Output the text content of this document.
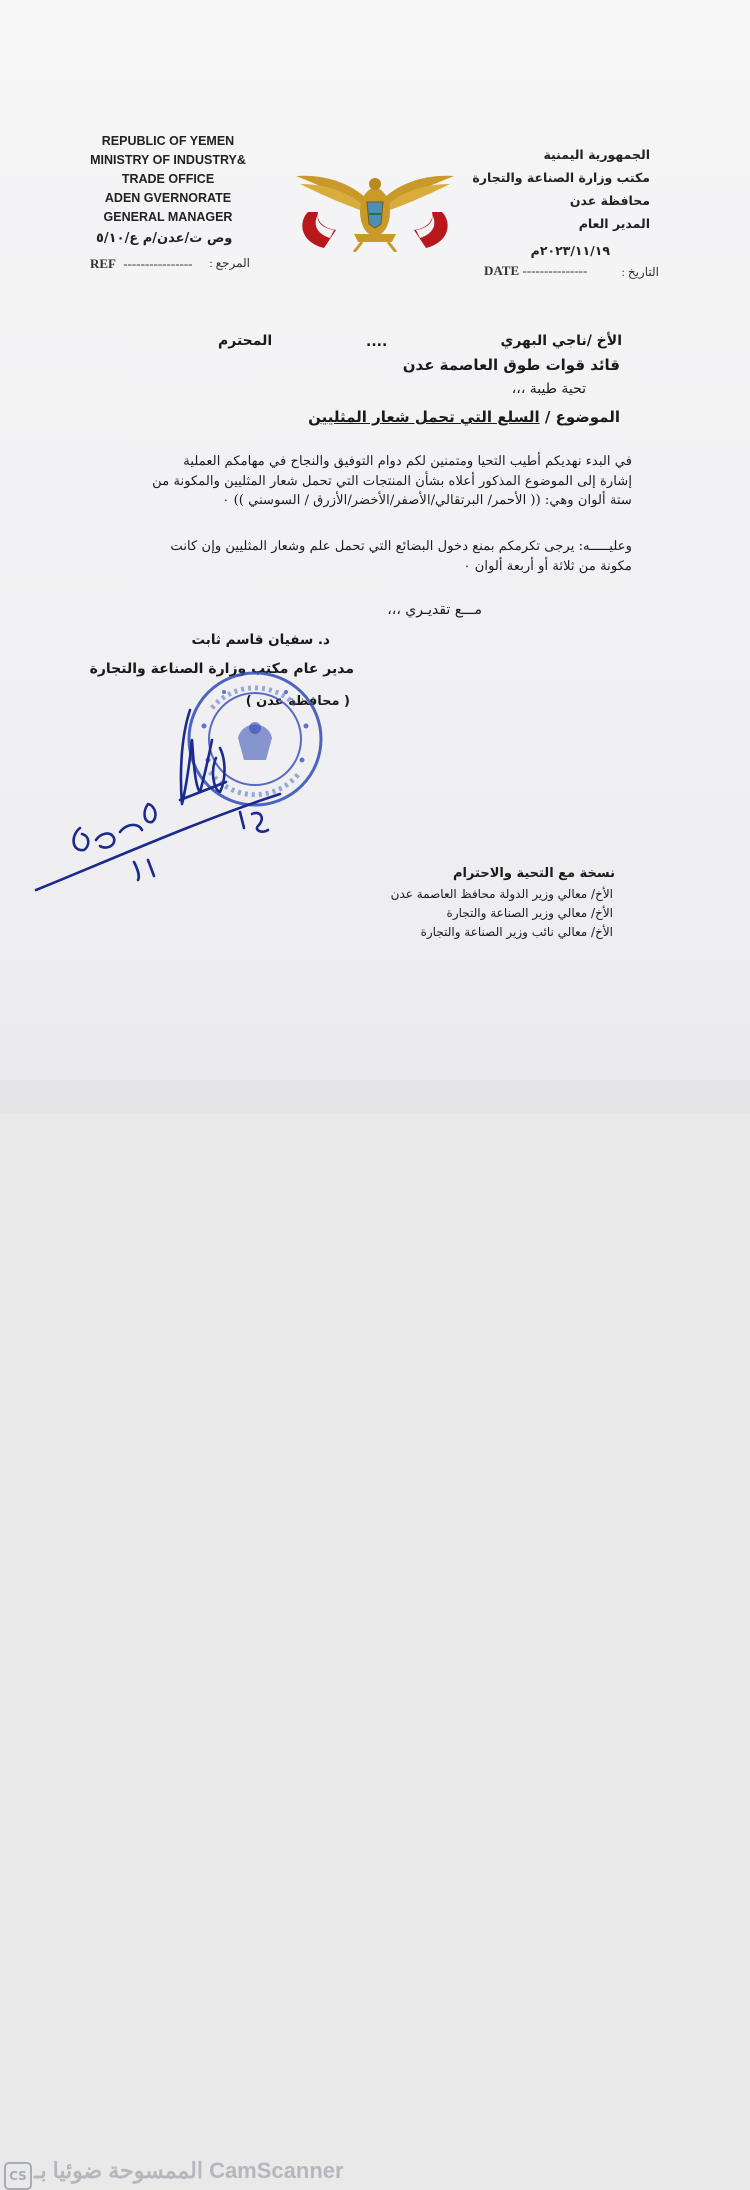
REPUBLIC OF YEMEN
MINISTRY OF INDUSTRY&
TRADE OFFICE
ADEN GVERNORATE
GENERAL MANAGER
وص ت/عدن/م ع/٥/١٠
REF ---------------- المرجع :
الجمهورية اليمنية
مكتب وزارة الصناعة والتجارة
محافظة عدن
المدير العام
٢٠٢٣/١١/١٩م
DATE ---------------	التاريخ :
الأخ /ناجي البهري
....
المحترم
قائد قوات طوق العاصمة عدن
تحية طيبة ،،،
الموضوع / السلع التي تحمل شعار المثليين
في البدء نهديكم أطيب التحيا ومتمنين لكم دوام التوفيق والنجاح في مهامكم العملية إشارة إلى الموضوع المذكور أعلاه بشأن المنتجات التي تحمل شعار المثليين والمكونة من ستة ألوان وهي: (( الأحمر/ البرتقالي/الأصفر/الأخضر/الأزرق / السوسني )) ٠
وعليـــــه: يرجى تكرمكم بمنع دخول البضائع التي تحمل علم وشعار المثليين وإن كانت مكونة من ثلاثة أو أربعة ألوان ٠
مـــع تقديـري ،،،
د. سفيان قاسم ثابت
مدير عام مكتب وزارة الصناعة والتجارة
( محافظة عدن )
نسخة مع التحية والاحترام
الأخ/ معالي وزير الدولة محافظ العاصمة عدن
الأخ/ معالي وزير الصناعة والتجارة
الأخ/ معالي نائب وزير الصناعة والتجارة
CS CamScanner الممسوحة ضوئيا بـ
